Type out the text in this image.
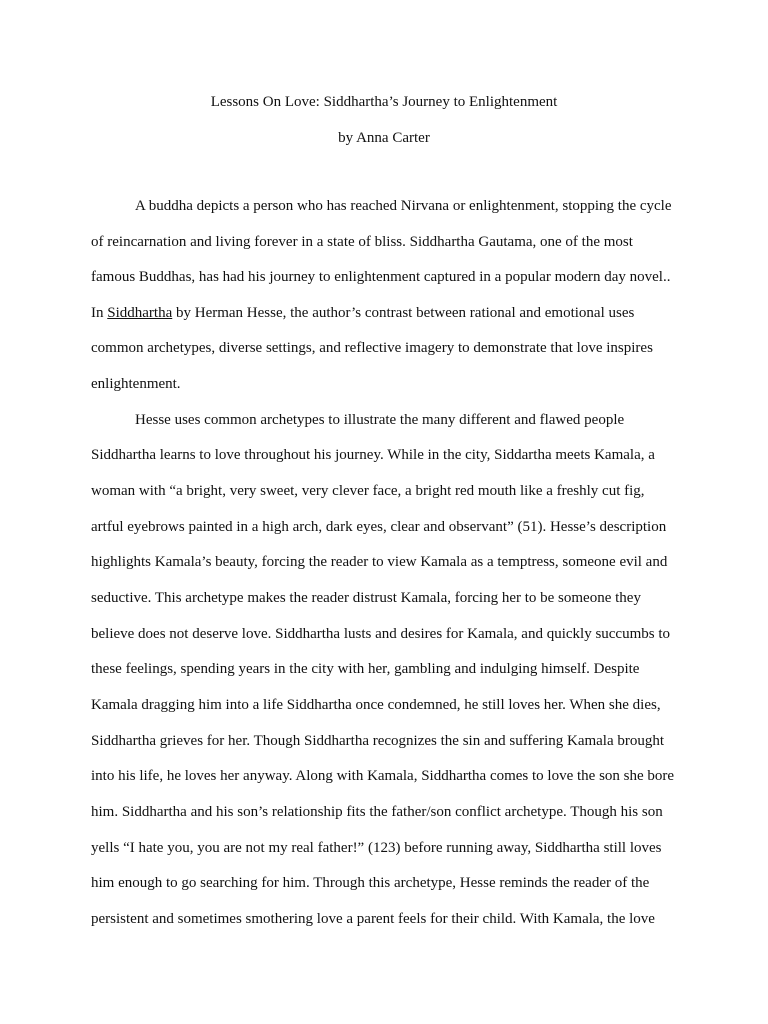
Lessons On Love: Siddhartha’s Journey to Enlightenment
by Anna Carter
A buddha depicts a person who has reached Nirvana or enlightenment, stopping the cycle
of reincarnation and living forever in a state of bliss. Siddhartha Gautama, one of the most
famous Buddhas, has had his journey to enlightenment captured in a popular modern day novel..
In Siddhartha by Herman Hesse, the author’s contrast between rational and emotional uses
common archetypes, diverse settings, and reflective imagery to demonstrate that love inspires
enlightenment.
Hesse uses common archetypes to illustrate the many different and flawed people
Siddhartha learns to love throughout his journey. While in the city, Siddartha meets Kamala, a
woman with “a bright, very sweet, very clever face, a bright red mouth like a freshly cut fig,
artful eyebrows painted in a high arch, dark eyes, clear and observant” (51). Hesse’s description
highlights Kamala’s beauty, forcing the reader to view Kamala as a temptress, someone evil and
seductive. This archetype makes the reader distrust Kamala, forcing her to be someone they
believe does not deserve love. Siddhartha lusts and desires for Kamala, and quickly succumbs to
these feelings, spending years in the city with her, gambling and indulging himself. Despite
Kamala dragging him into a life Siddhartha once condemned, he still loves her. When she dies,
Siddhartha grieves for her. Though Siddhartha recognizes the sin and suffering Kamala brought
into his life, he loves her anyway. Along with Kamala, Siddhartha comes to love the son she bore
him. Siddhartha and his son’s relationship fits the father/son conflict archetype. Though his son
yells “I hate you, you are not my real father!” (123) before running away, Siddhartha still loves
him enough to go searching for him. Through this archetype, Hesse reminds the reader of the
persistent and sometimes smothering love a parent feels for their child. With Kamala, the love
